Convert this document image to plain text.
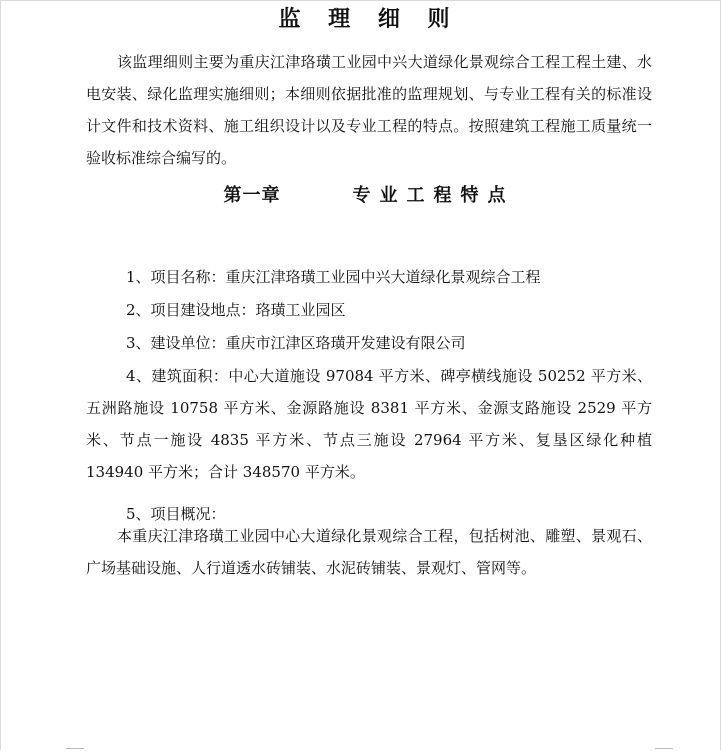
监 理 细 则
该监理细则主要为重庆江津珞璜工业园中兴大道绿化景观综合工程工程土建、水电安装、绿化监理实施细则；本细则依据批准的监理规划、与专业工程有关的标准设计文件和技术资料、施工组织设计以及专业工程的特点。按照建筑工程施工质量统一验收标准综合编写的。
第一章	专业工程特点
1、项目名称：重庆江津珞璜工业园中兴大道绿化景观综合工程
2、项目建设地点：珞璜工业园区
3、建设单位：重庆市江津区珞璜开发建设有限公司
4、建筑面积：中心大道施设 97084 平方米、碑亭横线施设 50252 平方米、五洲路施设 10758 平方米、金源路施设 8381 平方米、金源支路施设 2529 平方米、节点一施设 4835 平方米、节点三施设 27964 平方米、复垦区绿化种植 134940 平方米；合计 348570 平方米。
5、项目概况：
本重庆江津珞璜工业园中心大道绿化景观综合工程，包括树池、雕塑、景观石、广场基础设施、人行道透水砖铺装、水泥砖铺装、景观灯、管网等。
